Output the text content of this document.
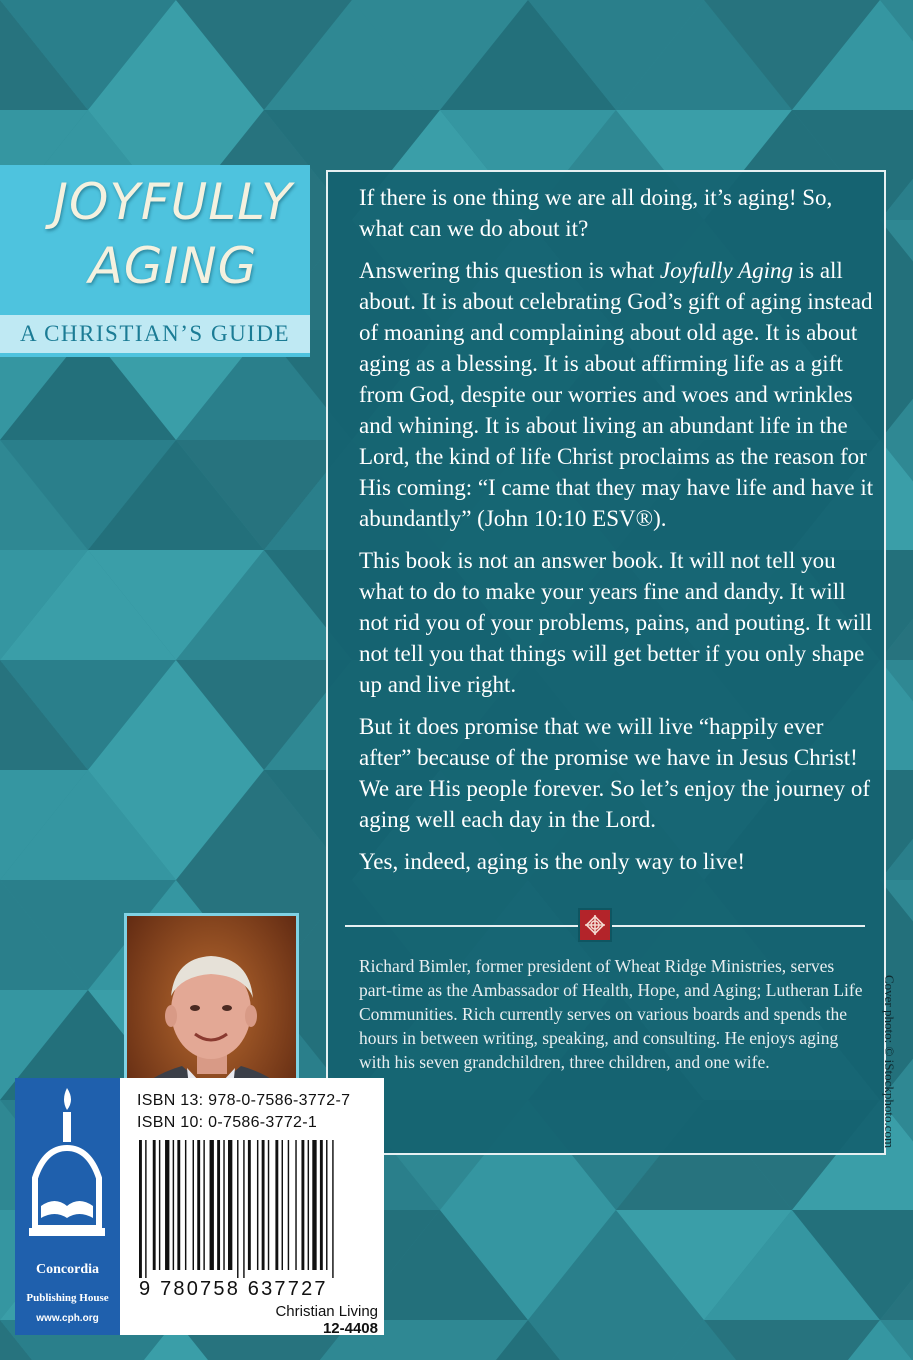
JOYFULLY
AGING
A CHRISTIAN’S GUIDE

If there is one thing we are all doing, it’s aging! So, what can we do about it?

Answering this question is what Joyfully Aging is all about. It is about celebrating God’s gift of aging instead of moaning and complaining about old age. It is about aging as a blessing. It is about affirming life as a gift from God, despite our worries and woes and wrinkles and whining. It is about living an abundant life in the Lord, the kind of life Christ proclaims as the reason for His coming: “I came that they may have life and have it abundantly” (John 10:10 ESV®).

This book is not an answer book. It will not tell you what to do to make your years fine and dandy. It will not rid you of your problems, pains, and pouting. It will not tell you that things will get better if you only shape up and live right.

But it does promise that we will live “happily ever after” because of the promise we have in Jesus Christ! We are His people forever. So let’s enjoy the journey of aging well each day in the Lord.

Yes, indeed, aging is the only way to live!

Richard Bimler, former president of Wheat Ridge Ministries, serves part-time as the Ambassador of Health, Hope, and Aging; Lutheran Life Communities. Rich currently serves on various boards and spends the hours in between writing, speaking, and consulting. He enjoys aging with his seven grandchildren, three children, and one wife.	Cover photo: © iStockphoto.com
Concordia
Publishing House
www.cph.org
ISBN 13: 978-0-7586-3772-7
ISBN 10: 0-7586-3772-1
9 780758 637727
Christian Living
12-4408
